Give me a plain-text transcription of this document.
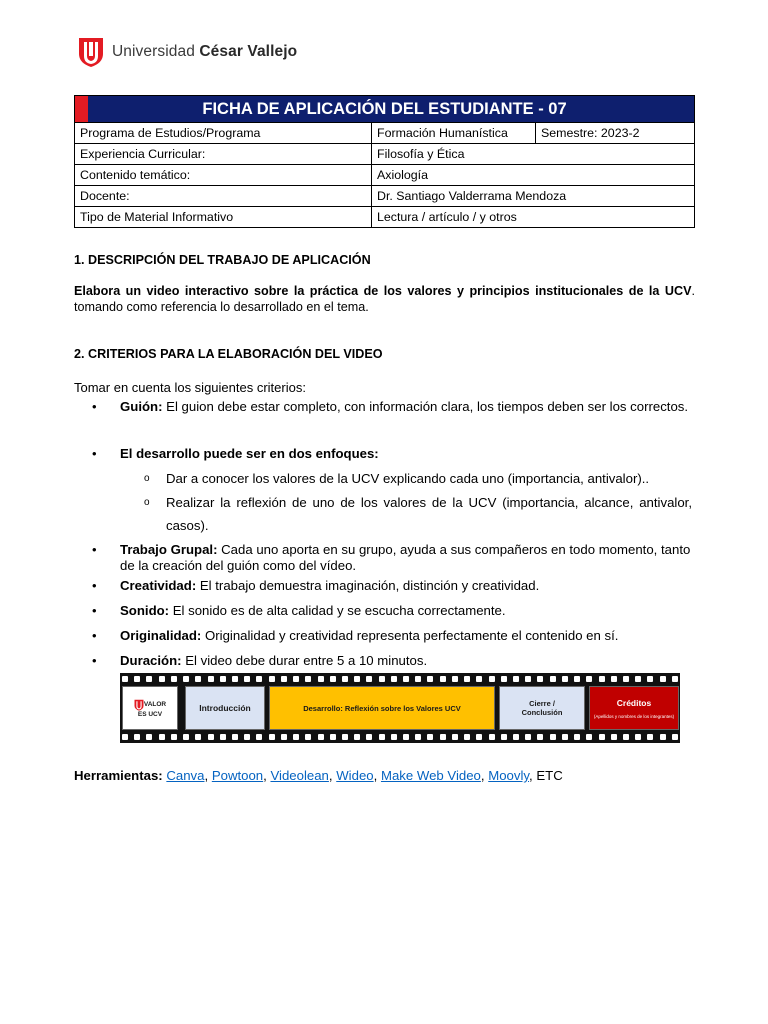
Universidad César Vallejo
FICHA DE APLICACIÓN DEL ESTUDIANTE - 07		
Programa de Estudios/Programa	Formación Humanística	Semestre: 2023-2
Experiencia Curricular:	Filosofía y Ética	
Contenido temático:	Axiología	
Docente:	Dr. Santiago Valderrama Mendoza	
Tipo de Material Informativo	Lectura / artículo / y otros	
1. DESCRIPCIÓN DEL TRABAJO DE APLICACIÓN
Elabora un video interactivo sobre la práctica de los valores y principios institucionales de la UCV. tomando como referencia lo desarrollado en el tema.
2. CRITERIOS PARA LA ELABORACIÓN DEL VIDEO
Tomar en cuenta los siguientes criterios:
• Guión: El guion debe estar completo, con información clara, los tiempos deben ser los correctos.
• El desarrollo puede ser en dos enfoques:
o Dar a conocer los valores de la UCV explicando cada uno (importancia, antivalor)..
o Realizar la reflexión de uno de los valores de la UCV (importancia, alcance, antivalor, casos).
• Trabajo Grupal: Cada uno aporta en su grupo, ayuda a sus compañeros en todo momento, tanto de la creación del guión como del vídeo.
• Creatividad: El trabajo demuestra imaginación, distinción y creatividad.
• Sonido: El sonido es de alta calidad y se escucha correctamente.
• Originalidad: Originalidad y creatividad representa perfectamente el contenido en sí.
• Duración: El video debe durar entre 5 a 10 minutos.
VALOR
ES UCV
Introducción	Desarrollo: Reflexión sobre los Valores UCV	Cierre /
Conclusión
Créditos
(Apellidos y nombres de los integrantes)
Herramientas: Canva, Powtoon, Videolean, Wideo, Make Web Video, Moovly, ETC
